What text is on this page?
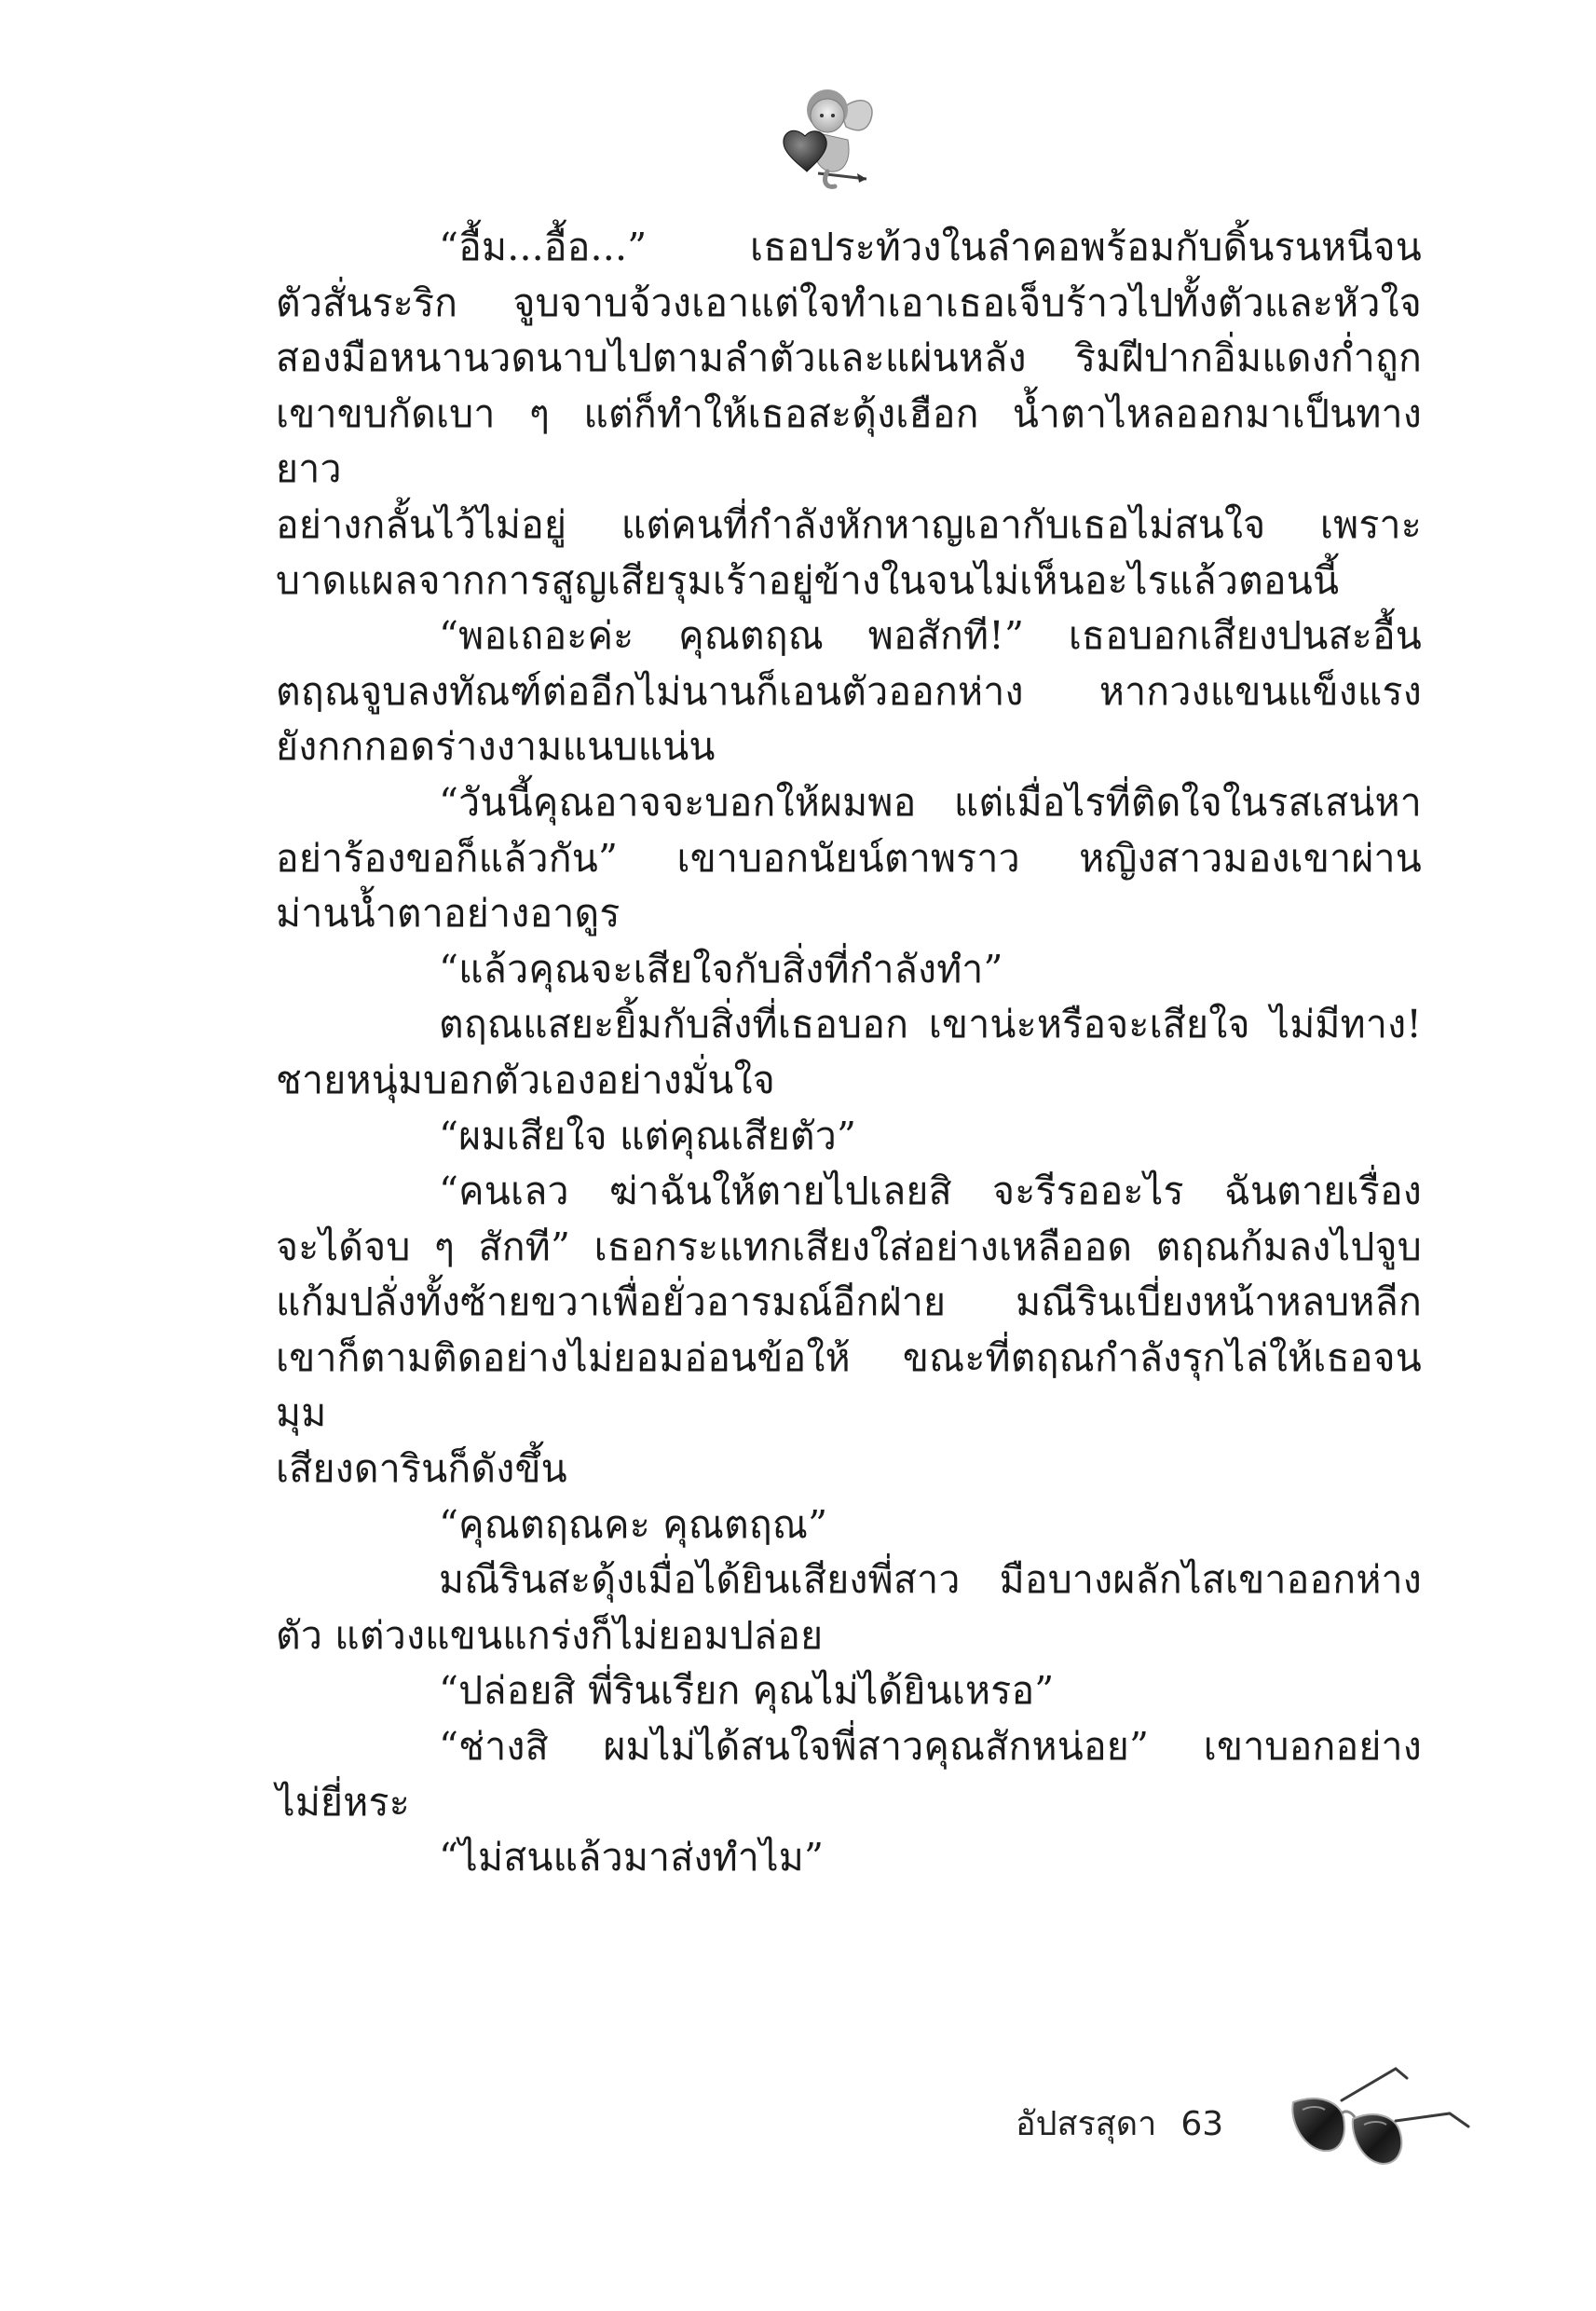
“อื้ม...อื้อ...” เธอประท้วงในลำคอพร้อมกับดิ้นรนหนีจน
ตัวสั่นระริก จูบจาบจ้วงเอาแต่ใจทำเอาเธอเจ็บร้าวไปทั้งตัวและหัวใจ
สองมือหนานวดนาบไปตามลำตัวและแผ่นหลัง ริมฝีปากอิ่มแดงก่ำถูก
เขาขบกัดเบา ๆ แต่ก็ทำให้เธอสะดุ้งเฮือก น้ำตาไหลออกมาเป็นทางยาว
อย่างกลั้นไว้ไม่อยู่ แต่คนที่กำลังหักหาญเอากับเธอไม่สนใจ เพราะ
บาดแผลจากการสูญเสียรุมเร้าอยู่ข้างในจนไม่เห็นอะไรแล้วตอนนี้

“พอเถอะค่ะ คุณตฤณ พอสักที!” เธอบอกเสียงปนสะอื้น
ตฤณจูบลงทัณฑ์ต่ออีกไม่นานก็เอนตัวออกห่าง หากวงแขนแข็งแรง
ยังกกกอดร่างงามแนบแน่น

“วันนี้คุณอาจจะบอกให้ผมพอ แต่เมื่อไรที่ติดใจในรสเสน่หา
อย่าร้องขอก็แล้วกัน” เขาบอกนัยน์ตาพราว หญิงสาวมองเขาผ่าน
ม่านน้ำตาอย่างอาดูร

“แล้วคุณจะเสียใจกับสิ่งที่กำลังทำ”

ตฤณแสยะยิ้มกับสิ่งที่เธอบอก เขาน่ะหรือจะเสียใจ ไม่มีทาง!
ชายหนุ่มบอกตัวเองอย่างมั่นใจ

“ผมเสียใจ แต่คุณเสียตัว”

“คนเลว ฆ่าฉันให้ตายไปเลยสิ จะรีรออะไร ฉันตายเรื่อง
จะได้จบ ๆ สักที” เธอกระแทกเสียงใส่อย่างเหลืออด ตฤณก้มลงไปจูบ
แก้มปลั่งทั้งซ้ายขวาเพื่อยั่วอารมณ์อีกฝ่าย มณีรินเบี่ยงหน้าหลบหลีก
เขาก็ตามติดอย่างไม่ยอมอ่อนข้อให้ ขณะที่ตฤณกำลังรุกไล่ให้เธอจนมุม
เสียงดารินก็ดังขึ้น

“คุณตฤณคะ คุณตฤณ”

มณีรินสะดุ้งเมื่อได้ยินเสียงพี่สาว มือบางผลักไสเขาออกห่าง
ตัว แต่วงแขนแกร่งก็ไม่ยอมปล่อย

“ปล่อยสิ พี่รินเรียก คุณไม่ได้ยินเหรอ”

“ช่างสิ ผมไม่ได้สนใจพี่สาวคุณสักหน่อย” เขาบอกอย่าง
ไม่ยี่หระ

“ไม่สนแล้วมาส่งทำไม”

อัปสรสุดา 63
